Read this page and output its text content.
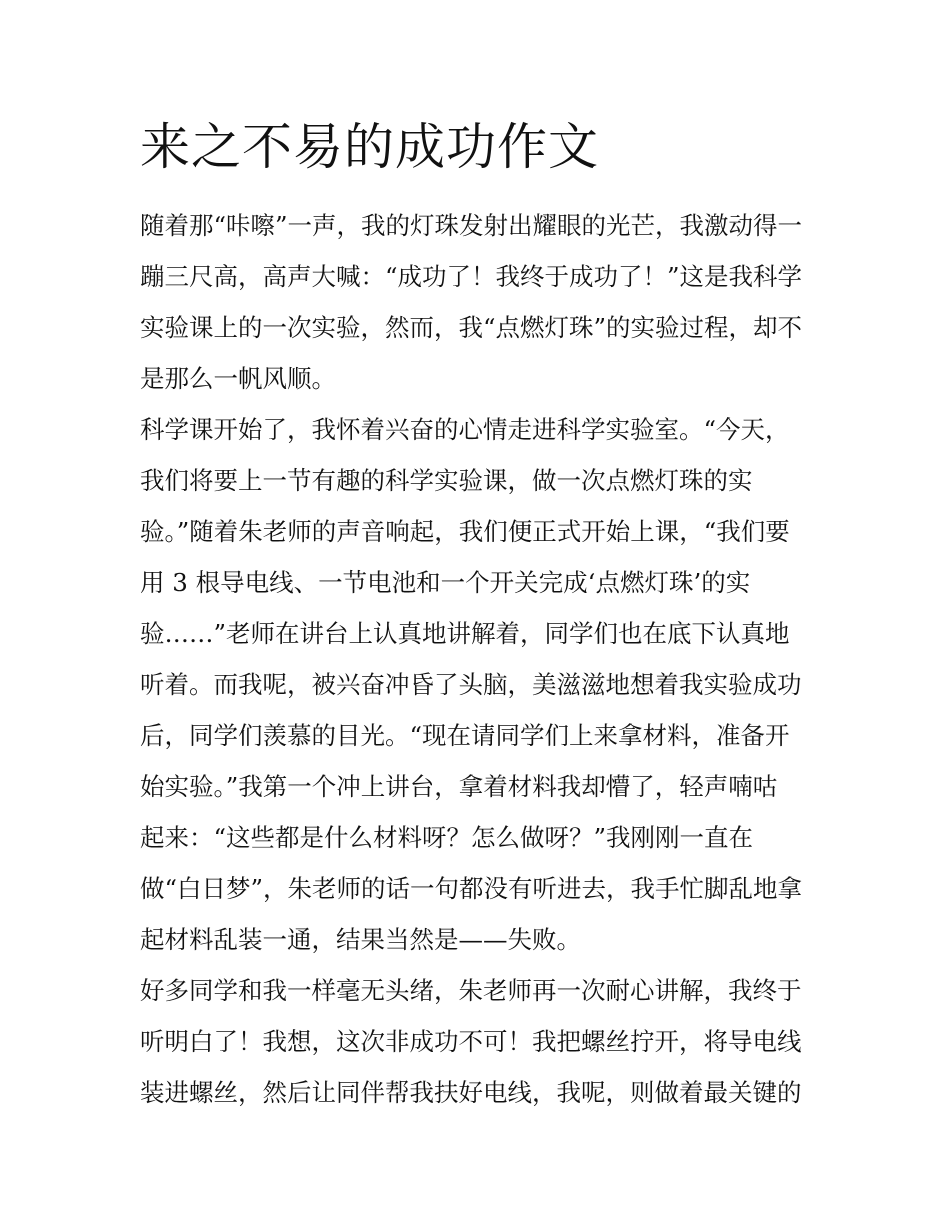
来之不易的成功作文
随着那“咔嚓”一声，我的灯珠发射出耀眼的光芒，我激动得一
蹦三尺高，高声大喊：“成功了！我终于成功了！”这是我科学
实验课上的一次实验，然而，我“点燃灯珠”的实验过程，却不
是那么一帆风顺。
科学课开始了，我怀着兴奋的心情走进科学实验室。“今天，
我们将要上一节有趣的科学实验课，做一次点燃灯珠的实
验。”随着朱老师的声音响起，我们便正式开始上课，“我们要
用 3 根导电线、一节电池和一个开关完成‘点燃灯珠’的实
验……”老师在讲台上认真地讲解着，同学们也在底下认真地
听着。而我呢，被兴奋冲昏了头脑，美滋滋地想着我实验成功
后，同学们羡慕的目光。“现在请同学们上来拿材料，准备开
始实验。”我第一个冲上讲台，拿着材料我却懵了，轻声喃咕
起来：“这些都是什么材料呀？怎么做呀？”我刚刚一直在
做“白日梦”，朱老师的话一句都没有听进去，我手忙脚乱地拿
起材料乱装一通，结果当然是——失败。
好多同学和我一样毫无头绪，朱老师再一次耐心讲解，我终于
听明白了！我想，这次非成功不可！我把螺丝拧开，将导电线
装进螺丝，然后让同伴帮我扶好电线，我呢，则做着最关键的
